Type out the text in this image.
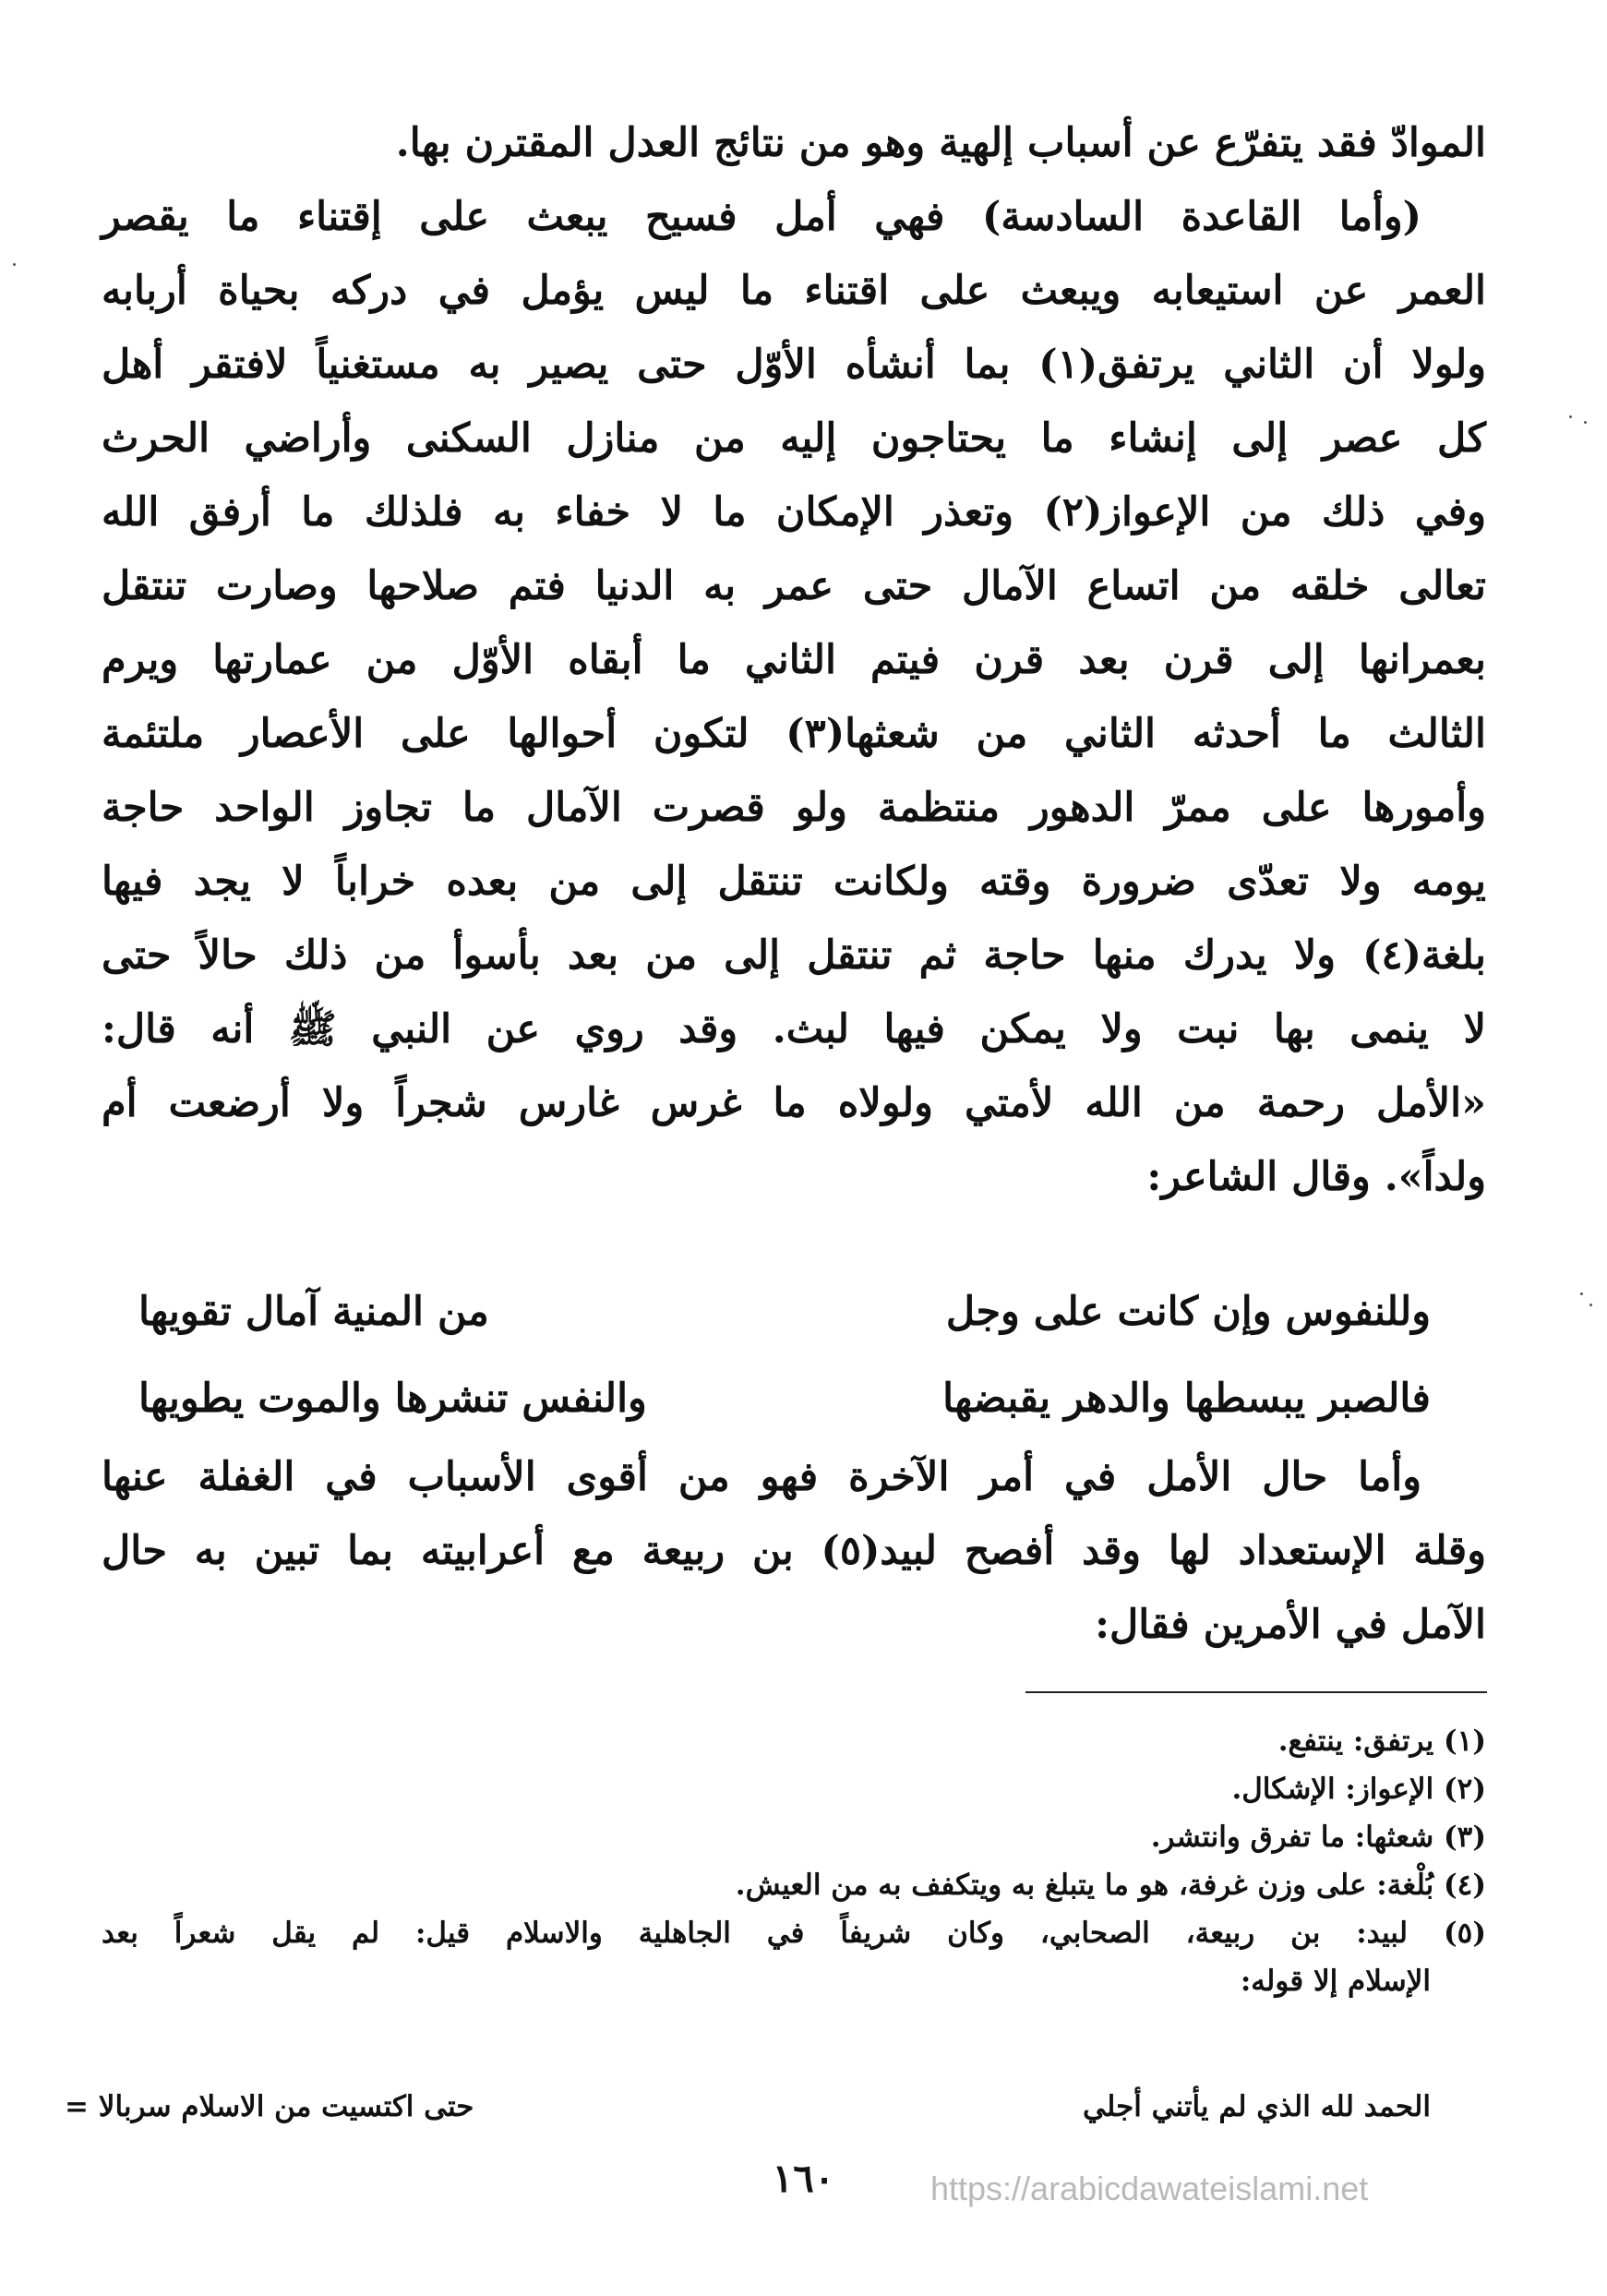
الموادّ فقد يتفرّع عن أسباب إلهية وهو من نتائج العدل المقترن بها.
(وأما القاعدة السادسة) فهي أمل فسيح يبعث على إقتناء ما يقصر
العمر عن استيعابه ويبعث على اقتناء ما ليس يؤمل في دركه بحياة أربابه
ولولا أن الثاني يرتفق(١) بما أنشأه الأوّل حتى يصير به مستغنياً لافتقر أهل
كل عصر إلى إنشاء ما يحتاجون إليه من منازل السكنى وأراضي الحرث
وفي ذلك من الإعواز(٢) وتعذر الإمكان ما لا خفاء به فلذلك ما أرفق الله
تعالى خلقه من اتساع الآمال حتى عمر به الدنيا فتم صلاحها وصارت تنتقل
بعمرانها إلى قرن بعد قرن فيتم الثاني ما أبقاه الأوّل من عمارتها ويرم
الثالث ما أحدثه الثاني من شعثها(٣) لتكون أحوالها على الأعصار ملتئمة
وأمورها على ممرّ الدهور منتظمة ولو قصرت الآمال ما تجاوز الواحد حاجة
يومه ولا تعدّى ضرورة وقته ولكانت تنتقل إلى من بعده خراباً لا يجد فيها
بلغة(٤) ولا يدرك منها حاجة ثم تنتقل إلى من بعد بأسوأ من ذلك حالاً حتى
لا ينمى بها نبت ولا يمكن فيها لبث. وقد روي عن النبي ﷺ أنه قال:
«الأمل رحمة من الله لأمتي ولولاه ما غرس غارس شجراً ولا أرضعت أم
ولداً». وقال الشاعر:
وللنفوس وإن كانت على وجل
من المنية آمال تقويها
فالصبر يبسطها والدهر يقبضها
والنفس تنشرها والموت يطويها
وأما حال الأمل في أمر الآخرة فهو من أقوى الأسباب في الغفلة عنها
وقلة الإستعداد لها وقد أفصح لبيد(٥) بن ربيعة مع أعرابيته بما تبين به حال
الآمل في الأمرين فقال:
(١) يرتفق: ينتفع.
(٢) الإعواز: الإشكال.
(٣) شعثها: ما تفرق وانتشر.
(٤) بُلْغة: على وزن غرفة، هو ما يتبلغ به ويتكفف به من العيش.
(٥) لبيد: بن ربيعة، الصحابي، وكان شريفاً في الجاهلية والاسلام قيل: لم يقل شعراً بعد
الإسلام إلا قوله:
الحمد لله الذي لم يأتني أجلي
حتى اكتسيت من الاسلام سربالا =
١٦٠	https://arabicdawateislami.net
